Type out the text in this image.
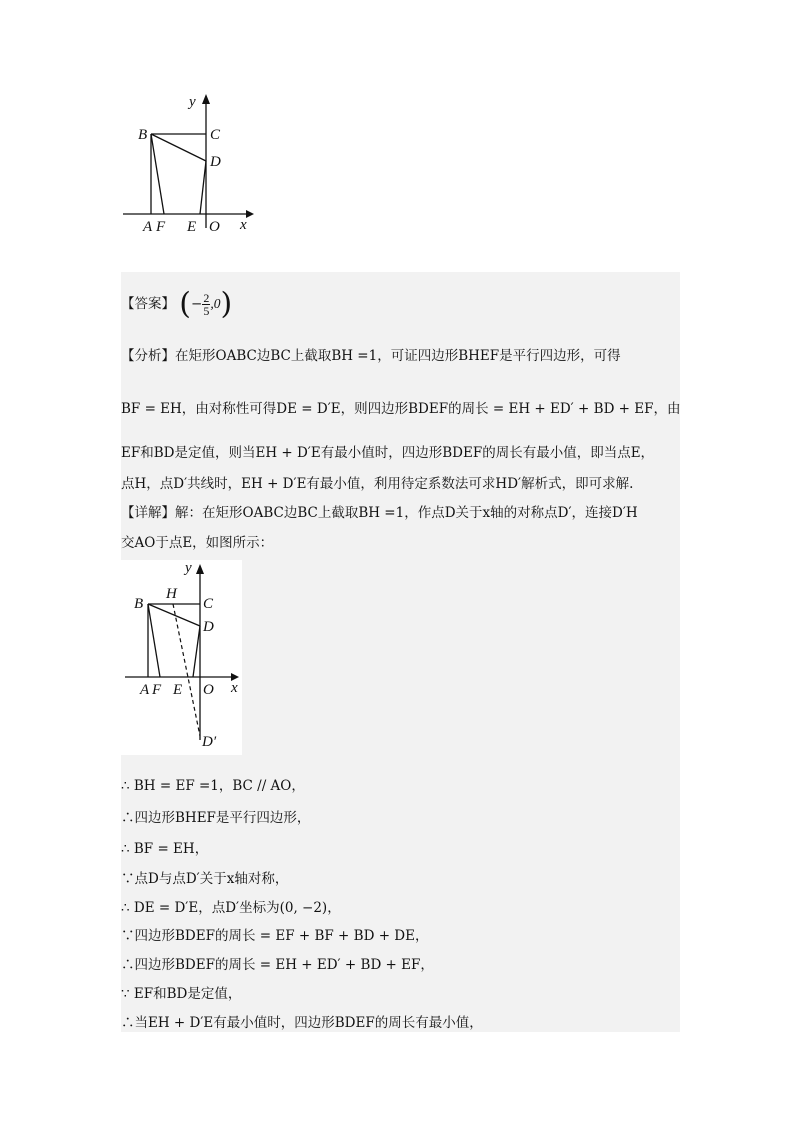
y
B	C
D
A F E O x
【答案】 (− $\frac{2}{5} ,0$)
【分析】在矩形OABC边BC上截取BH =1，可证四边形BHEF是平行四边形，可得
BF = EH，由对称性可得DE = D′E，则四边形BDEF的周长 = EH + ED′ + BD + EF，由
EF和BD是定值，则当EH + D′E有最小值时，四边形BDEF的周长有最小值，即当点E，
点H，点D′共线时，EH + D′E有最小值，利用待定系数法可求HD′解析式，即可求解.
【详解】解：在矩形OABC边BC上截取BH =1，作点D关于x轴的对称点D′，连接D′H
交AO于点E，如图所示：
y
B
H
C
D
A F E O x
D′
∴ BH = EF =1，BC // AO，
∴四边形BHEF是平行四边形，
∴ BF = EH，
∵点D与点D′关于x轴对称，
∴ DE = D′E，点D′坐标为(0, −2)，
∵四边形BDEF的周长 = EF + BF + BD + DE，
∴四边形BDEF的周长 = EH + ED′ + BD + EF，
∵ EF和BD是定值，
∴当EH + D′E有最小值时，四边形BDEF的周长有最小值，
